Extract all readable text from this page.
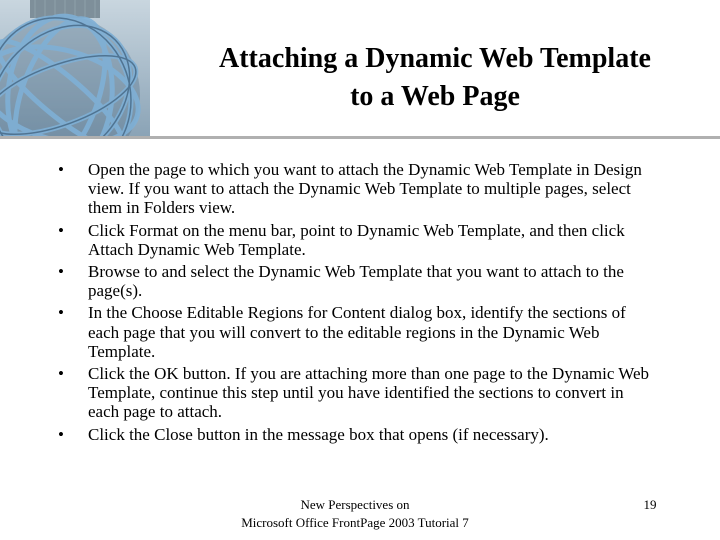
Attaching a Dynamic Web Template
to a Web Page
• Open the page to which you want to attach the Dynamic Web Template in Design view. If you want to attach the Dynamic Web Template to multiple pages, select them in Folders view.
• Click Format on the menu bar, point to Dynamic Web Template, and then click Attach Dynamic Web Template.
• Browse to and select the Dynamic Web Template that you want to attach to the page(s).
• In the Choose Editable Regions for Content dialog box, identify the sections of each page that you will convert to the editable regions in the Dynamic Web Template.
• Click the OK button. If you are attaching more than one page to the Dynamic Web Template, continue this step until you have identified the sections to convert in each page to attach.
• Click the Close button in the message box that opens (if necessary).
New Perspectives on
Microsoft Office FrontPage 2003 Tutorial 7
19
